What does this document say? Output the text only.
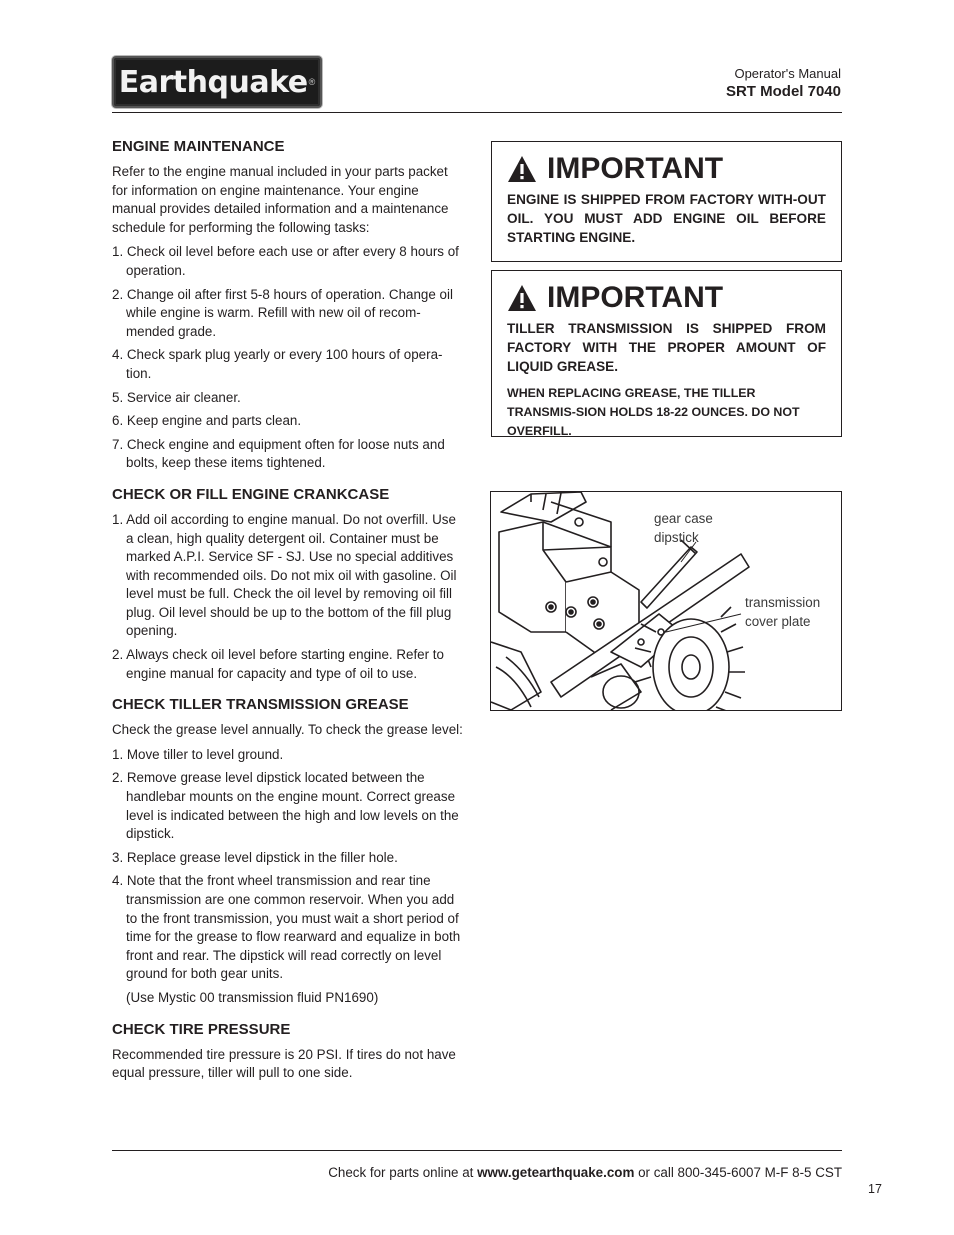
Earthquake ®
Operator's Manual
SRT Model 7040
ENGINE MAINTENANCE

Refer to the engine manual included in your parts packet for information on engine maintenance. Your engine manual provides detailed information and a maintenance schedule for performing the following tasks:

1. Check oil level before each use or after every 8 hours of operation.
2. Change oil after first 5-8 hours of operation. Change oil while engine is warm. Refill with new oil of recom-mended grade.
4. Check spark plug yearly or every 100 hours of opera-tion.
5. Service air cleaner.
6. Keep engine and parts clean.
7. Check engine and equipment often for loose nuts and bolts, keep these items tightened.
CHECK OR FILL ENGINE CRANKCASE
1. Add oil according to engine manual. Do not overfill. Use a clean, high quality detergent oil. Container must be marked A.P.I. Service SF - SJ. Use no special additives with recommended oils. Do not mix oil with gasoline. Oil level must be full. Check the oil level by removing oil fill plug. Oil level should be up to the bottom of the fill plug opening.
2. Always check oil level before starting engine. Refer to engine manual for capacity and type of oil to use.
CHECK TILLER TRANSMISSION GREASE

Check the grease level annually. To check the grease level:

1. Move tiller to level ground.
2. Remove grease level dipstick located between the handlebar mounts on the engine mount. Correct grease level is indicated between the high and low levels on the dipstick.
3. Replace grease level dipstick in the filler hole.
4. Note that the front wheel transmission and rear tine transmission are one common reservoir. When you add to the front transmission, you must wait a short period of time for the grease to flow rearward and equalize in both front and rear. The dipstick will read correctly on level ground for both gear units.

(Use Mystic 00 transmission fluid PN1690)

CHECK TIRE PRESSURE

Recommended tire pressure is 20 PSI. If tires do not have equal pressure, tiller will pull to one side.

IMPORTANT

ENGINE IS SHIPPED FROM FACTORY WITH-OUT OIL. YOU MUST ADD ENGINE OIL BEFORE STARTING ENGINE.

IMPORTANT

TILLER TRANSMISSION IS SHIPPED FROM FACTORY WITH THE PROPER AMOUNT OF LIQUID GREASE.

WHEN REPLACING GREASE, THE TILLER TRANSMIS-SION HOLDS 18-22 OUNCES. DO NOT OVERFILL.

gear case
dipstick
transmission
cover plate
Check for parts online at www.getearthquake.com or call 800-345-6007 M-F 8-5 CST
17
